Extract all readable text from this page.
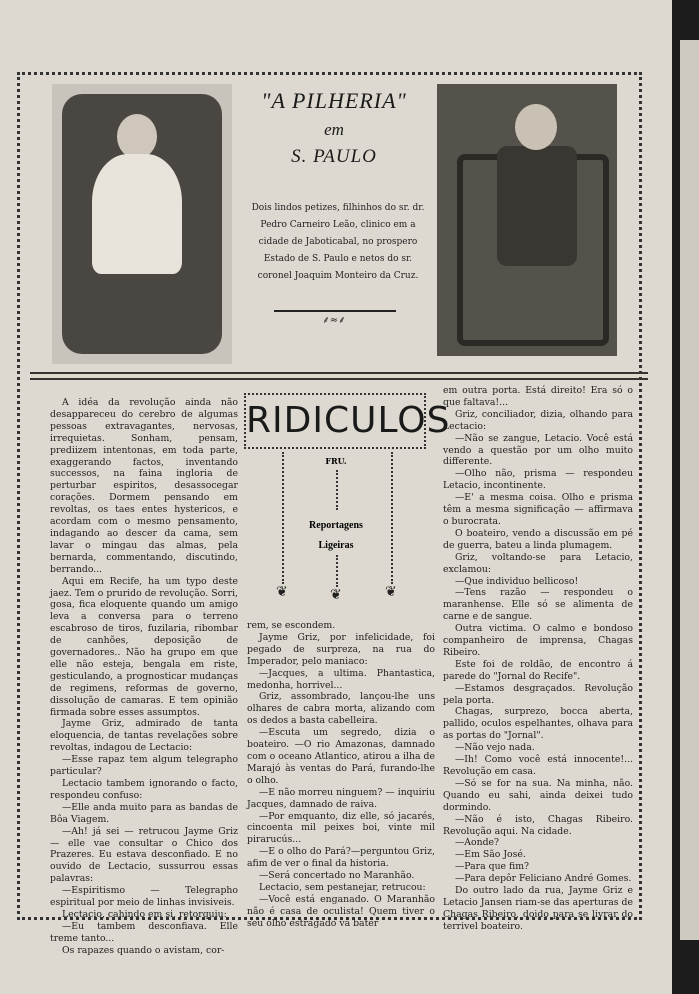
"A PILHERIA"
em
S. PAULO
Dois lindos petizes, filhinhos do sr. dr. Pedro Carneiro Leão, clinico em a cidade de Jaboticabal, no prospero Estado de S. Paulo e netos do sr. coronel Joaquim Monteiro da Cruz.
⸙≈⸙

A idéa da revolução ainda não desappareceu do cerebro de algumas pessoas extravagantes, nervosas, irrequietas. Sonham, pensam, prediizem intentonas, em toda parte, exaggerando factos, inventando successos, na faina ingloria de perturbar espiritos, desassocegar corações. Dormem pensando em revoltas, os taes entes hystericos, e acordam com o mesmo pensamento, indagando ao descer da cama, sem lavar o mingau das almas, pela bernarda, commentando, discutindo, berrando...

Aqui em Recife, ha um typo deste jaez. Tem o prurido de revolução. Sorri, gosa, fica eloquente quando um amigo leva a conversa para o terreno escabroso de tiros, fuzilaria, ribombar de canhões, deposição de governadores.. Não ha grupo em que elle não esteja, bengala em riste, gesticulando, a prognosticar mudanças de regimens, reformas de governo, dissolução de camaras. E tem opinião firmada sobre esses assumptos.

Jayme Griz, admirado de tanta eloquencia, de tantas revelações sobre revoltas, indagou de Lectacio:

—Esse rapaz tem algum telegrapho particular?

Lectacio tambem ignorando o facto, respondeu confuso:

—Elle anda muito para as bandas de Bôa Viagem.

—Ah! já sei — retrucou Jayme Griz — elle vae consultar o Chico dos Prazeres. Eu estava desconfiado. E no ouvido de Lectacio, sussurrou essas palavras:

—Espiritismo — Telegrapho espiritual por meio de linhas invisiveis.

Lectacio, cahindo em si, retorquiu:

—Eu tambem desconfiava. Elle treme tanto...

Os rapazes quando o avistam, cor-

RIDICULOS
FRU.
Reportagens
Ligeiras
❦	❦	❦

rem, se escondem.

Jayme Griz, por infelicidade, foi pegado de surpreza, na rua do Imperador, pelo maniaco:

—Jacques, a ultima. Phantastica, medonha, horrivel...

Griz, assombrado, lançou-lhe uns olhares de cabra morta, alizando com os dedos a basta cabelleira.

—Escuta um segredo, dizia o boateiro. —O rio Amazonas, damnado com o oceano Atlantico, atirou a ilha de Marajó às ventas do Pará, furando-lhe o olho.

—E não morreu ninguem? — inquiriu Jacques, damnado de raiva.

—Por emquanto, diz elle, só jacarés, cincoenta mil peixes boi, vinte mil pirarucús...

—E o olho do Pará?—perguntou Griz, afim de ver o final da historia.

—Será concertado no Maranhão.

Lectacio, sem pestanejar, retrucou:

—Você está enganado. O Maranhão não é casa de oculista! Quem tiver o seu olho estragado vá bater

em outra porta. Está direito! Era só o que faltava!...

Griz, conciliador, dizia, olhando para Lectacio:

—Não se zangue, Letacio. Você está vendo a questão por um olho muito differente.

—Olho não, prisma — respondeu Letacio, incontinente.

—E' a mesma coisa. Olho e prisma têm a mesma significação — affirmava o burocrata.

O boateiro, vendo a discussão em pé de guerra, bateu a linda plumagem.

Griz, voltando-se para Letacio, exclamou:

—Que individuo bellicoso!

—Tens razão — respondeu o maranhense. Elle só se alimenta de carne e de sangue.

Outra victima. O calmo e bondoso companheiro de imprensa, Chagas Ribeiro.

Este foi de roldão, de encontro á parede do "Jornal do Recife".

—Estamos desgraçados. Revolução pela porta.

Chagas, surprezo, bocca aberta, pallido, oculos espelhantes, olhava para as portas do "Jornal".

—Não vejo nada.

—Ih! Como você está innocente!... Revolução em casa.

—Só se for na sua. Na minha, não. Quando eu sahi, ainda deixei tudo dormindo.

—Não é isto, Chagas Ribeiro. Revolução aqui. Na cidade.

—Aonde?

—Em São José.

—Para que fim?

—Para depôr Feliciano André Gomes.

Do outro lado da rua, Jayme Griz e Letacio Jansen riam-se das aperturas de Chagas Ribeiro, doido para se livrar do terrivel boateiro.
